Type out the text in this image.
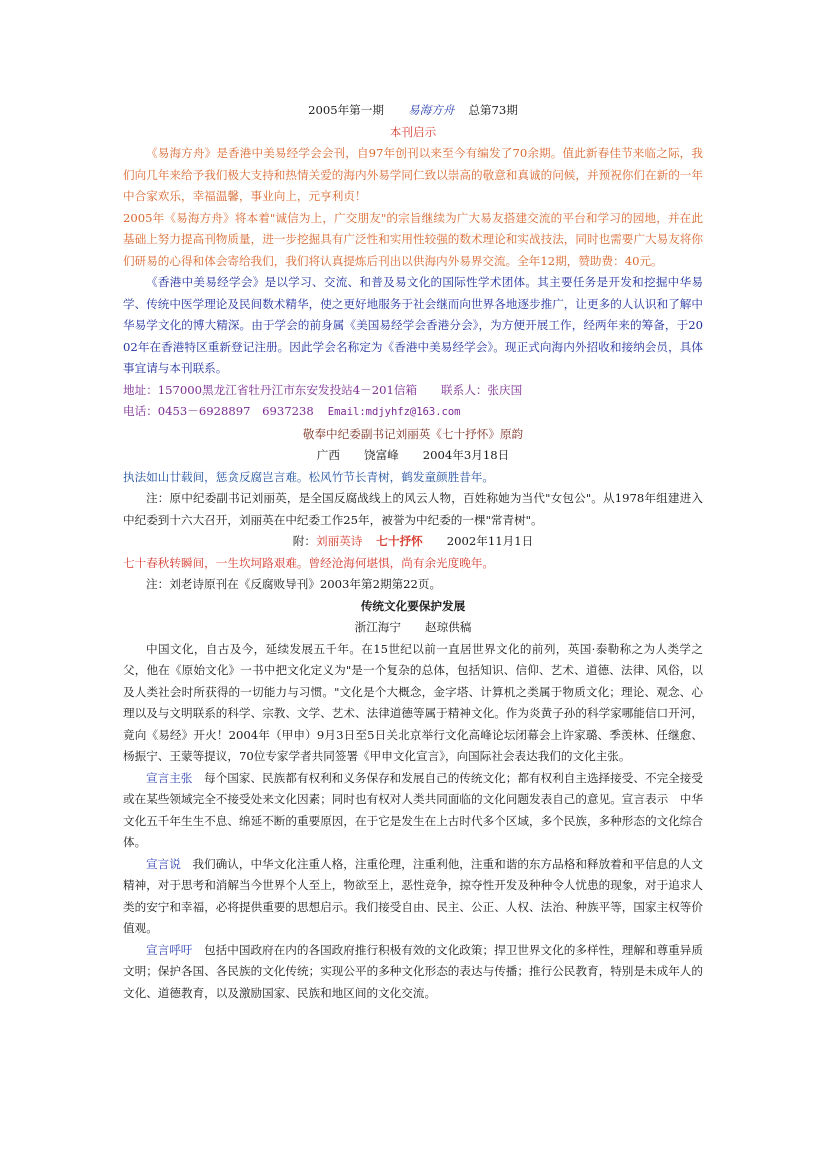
2005年第一期 易海方舟 总第73期
本刊启示
《易海方舟》是香港中美易经学会会刊，自97年创刊以来至今有编发了70余期。值此新春佳节来临之际，我们向几年来给予我们极大支持和热情关爱的海内外易学同仁致以崇高的敬意和真诚的问候，并预祝你们在新的一年中合家欢乐，幸福温馨，事业向上，元亨利贞！
2005年《易海方舟》将本着"诚信为上，广交朋友"的宗旨继续为广大易友搭建交流的平台和学习的园地，并在此基础上努力提高刊物质量，进一步挖掘具有广泛性和实用性较强的数术理论和实战技法，同时也需要广大易友将你们研易的心得和体会寄给我们，我们将认真提炼后刊出以供海内外易界交流。全年12期，赞助费：40元。
《香港中美易经学会》是以学习、交流、和普及易文化的国际性学术团体。其主要任务是开发和挖掘中华易学、传统中医学理论及民间数术精华，使之更好地服务于社会继而向世界各地逐步推广，让更多的人认识和了解中华易学文化的博大精深。由于学会的前身属《美国易经学会香港分会》，为方便开展工作，经两年来的筹备，于2002年在香港特区重新登记注册。因此学会名称定为《香港中美易经学会》。现正式向海内外招收和接纳会员，具体事宜请与本刊联系。
地址：157000黑龙江省牡丹江市东安发投站4－201信箱 联系人：张庆国
电话：0453－6928897　6937238 Email:mdjyhfz@163.com
敬奉中纪委副书记刘丽英《七十抒怀》原韵
广西 饶富峰 2004年3月18日
执法如山廿载间，惩贪反腐岂言难。松风竹节长青树，鹤发童颜胜昔年。
注：原中纪委副书记刘丽英，是全国反腐战线上的风云人物，百姓称她为当代"女包公"。从1978年组建进入中纪委到十六大召开，刘丽英在中纪委工作25年，被誉为中纪委的一棵"常青树"。
附：刘丽英诗 七十抒怀 2002年11月1日
七十春秋转瞬间，一生坎坷路艰难。曾经沧海何堪惧，尚有余光度晚年。
注：刘老诗原刊在《反腐败导刊》2003年第2期第22页。
传统文化要保护发展
浙江海宁 赵琼供稿
中国文化，自古及今，延续发展五千年。在15世纪以前一直居世界文化的前列，英国·泰勒称之为人类学之父，他在《原始文化》一书中把文化定义为"是一个复杂的总体，包括知识、信仰、艺术、道德、法律、风俗，以及人类社会时所获得的一切能力与习惯。"文化是个大概念，金字塔、计算机之类属于物质文化；理论、观念、心理以及与文明联系的科学、宗教、文学、艺术、法律道德等属于精神文化。作为炎黄子孙的科学家哪能信口开河，竟向《易经》开火！2004年（甲申）9月3日至5日关北京举行文化高峰论坛闭幕会上许家璐、季羡林、任继愈、杨振宁、王蒙等提议，70位专家学者共同签署《甲申文化宣言》，向国际社会表达我们的文化主张。
宣言主张　 每个国家、民族都有权利和义务保存和发展自己的传统文化；都有权利自主选择接受、不完全接受或在某些领域完全不接受处来文化因素；同时也有权对人类共同面临的文化问题发表自己的意见。宣言表示　中华文化五千年生生不息、绵延不断的重要原因，在于它是发生在上古时代多个区域，多个民族，多种形态的文化综合体。
宣言说　 我们确认，中华文化注重人格，注重伦理，注重利他，注重和谐的东方品格和释放着和平信息的人文精神，对于思考和消解当今世界个人至上，物欲至上，恶性竞争，掠夺性开发及种种令人忧患的现象，对于追求人类的安宁和幸福，必将提供重要的思想启示。我们接受自由、民主、公正、人权、法治、种族平等，国家主权等价值观。
宣言呼吁　 包括中国政府在内的各国政府推行积极有效的文化政策；捍卫世界文化的多样性，理解和尊重异质文明；保护各国、各民族的文化传统；实现公平的多种文化形态的表达与传播；推行公民教育，特别是未成年人的文化、道德教育，以及激励国家、民族和地区间的文化交流。
